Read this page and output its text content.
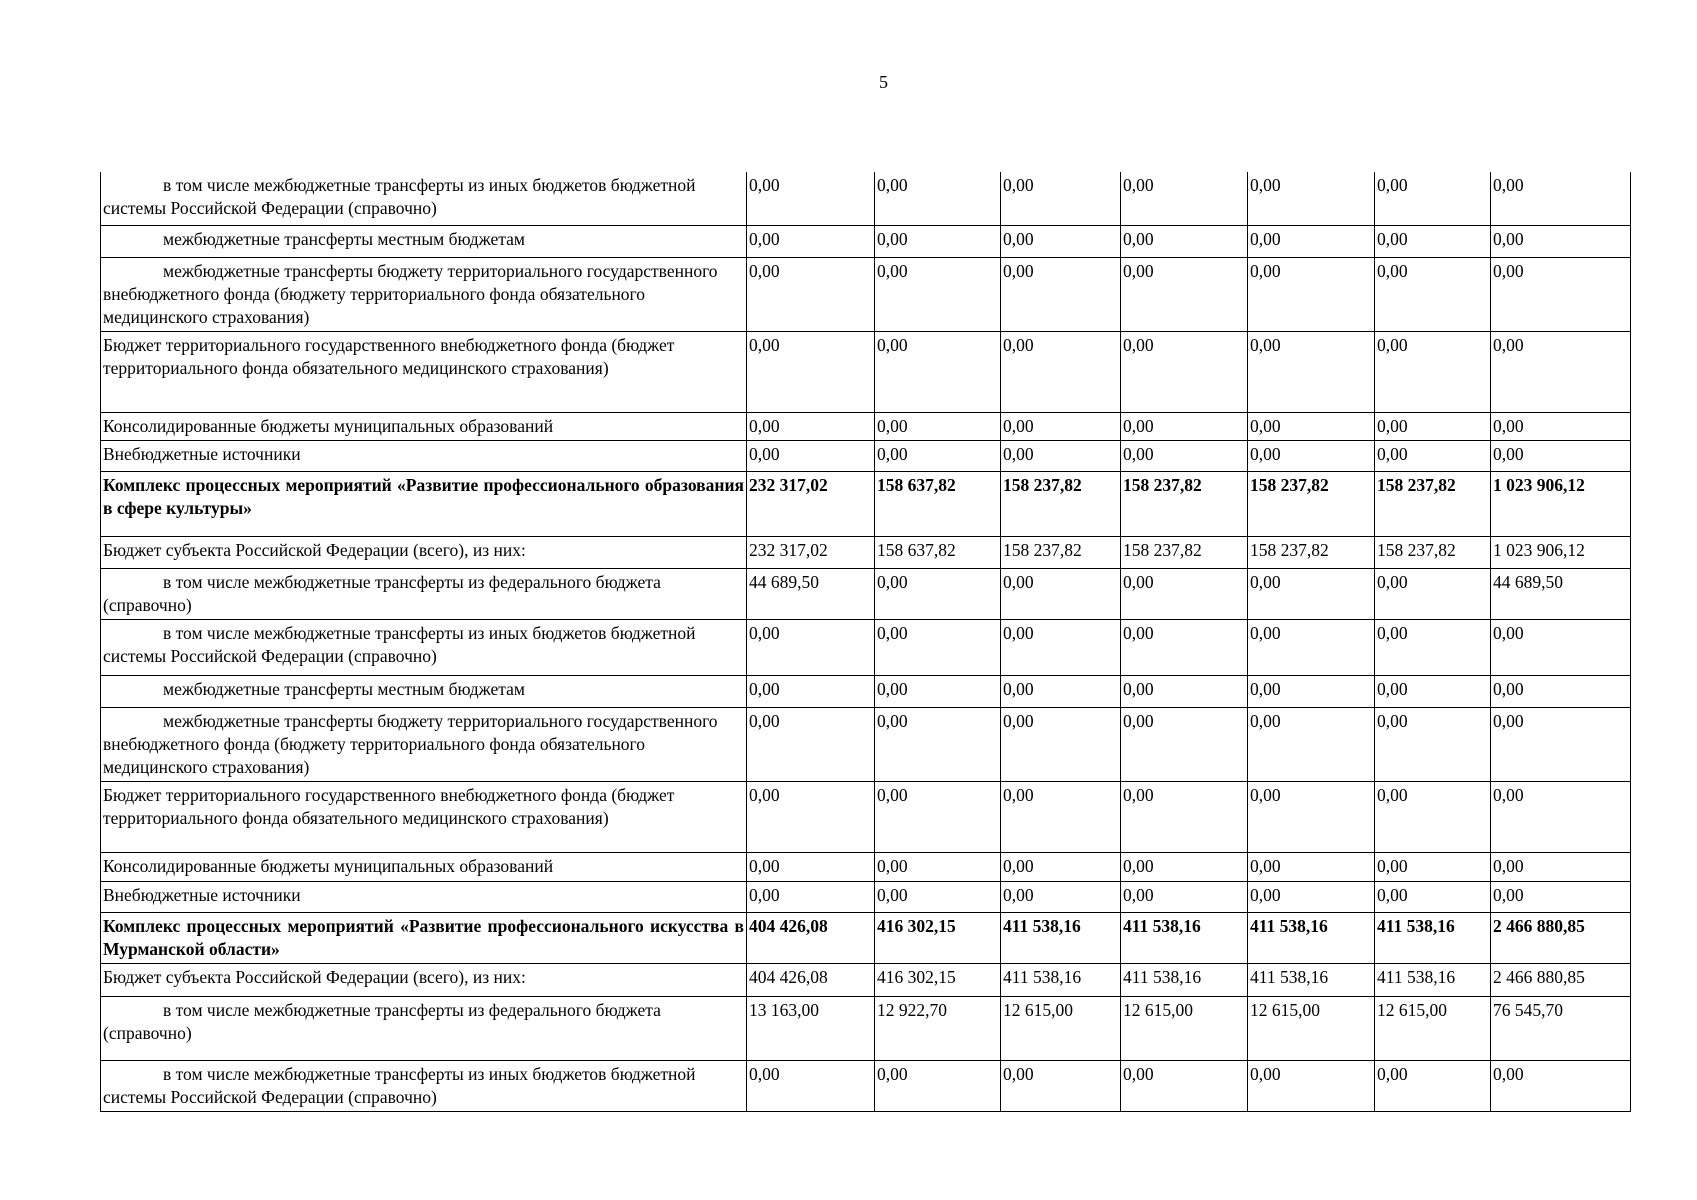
5
в том числе межбюджетные трансферты из иных бюджетов бюджетной системы Российской Федерации (справочно)	0,00	0,00	0,00	0,00	0,00	0,00	0,00
межбюджетные трансферты местным бюджетам	0,00	0,00	0,00	0,00	0,00	0,00	0,00
межбюджетные трансферты бюджету территориального государственного внебюджетного фонда (бюджету территориального фонда обязательного медицинского страхования)	0,00	0,00	0,00	0,00	0,00	0,00	0,00
Бюджет территориального государственного внебюджетного фонда (бюджет территориального фонда обязательного медицинского страхования)	0,00	0,00	0,00	0,00	0,00	0,00	0,00
Консолидированные бюджеты муниципальных образований	0,00	0,00	0,00	0,00	0,00	0,00	0,00
Внебюджетные источники	0,00	0,00	0,00	0,00	0,00	0,00	0,00
Комплекс процессных мероприятий «Развитие профессионального образования в сфере культуры»	232 317,02	158 637,82	158 237,82	158 237,82	158 237,82	158 237,82	1 023 906,12
Бюджет субъекта Российской Федерации (всего), из них:	232 317,02	158 637,82	158 237,82	158 237,82	158 237,82	158 237,82	1 023 906,12
в том числе межбюджетные трансферты из федерального бюджета (справочно)	44 689,50	0,00	0,00	0,00	0,00	0,00	44 689,50
в том числе межбюджетные трансферты из иных бюджетов бюджетной системы Российской Федерации (справочно)	0,00	0,00	0,00	0,00	0,00	0,00	0,00
межбюджетные трансферты местным бюджетам	0,00	0,00	0,00	0,00	0,00	0,00	0,00
межбюджетные трансферты бюджету территориального государственного внебюджетного фонда (бюджету территориального фонда обязательного медицинского страхования)	0,00	0,00	0,00	0,00	0,00	0,00	0,00
Бюджет территориального государственного внебюджетного фонда (бюджет территориального фонда обязательного медицинского страхования)	0,00	0,00	0,00	0,00	0,00	0,00	0,00
Консолидированные бюджеты муниципальных образований	0,00	0,00	0,00	0,00	0,00	0,00	0,00
Внебюджетные источники	0,00	0,00	0,00	0,00	0,00	0,00	0,00
Комплекс процессных мероприятий «Развитие профессионального искусства в Мурманской области»	404 426,08	416 302,15	411 538,16	411 538,16	411 538,16	411 538,16	2 466 880,85
Бюджет субъекта Российской Федерации (всего), из них:	404 426,08	416 302,15	411 538,16	411 538,16	411 538,16	411 538,16	2 466 880,85
в том числе межбюджетные трансферты из федерального бюджета (справочно)	13 163,00	12 922,70	12 615,00	12 615,00	12 615,00	12 615,00	76 545,70
в том числе межбюджетные трансферты из иных бюджетов бюджетной системы Российской Федерации (справочно)	0,00	0,00	0,00	0,00	0,00	0,00	0,00
